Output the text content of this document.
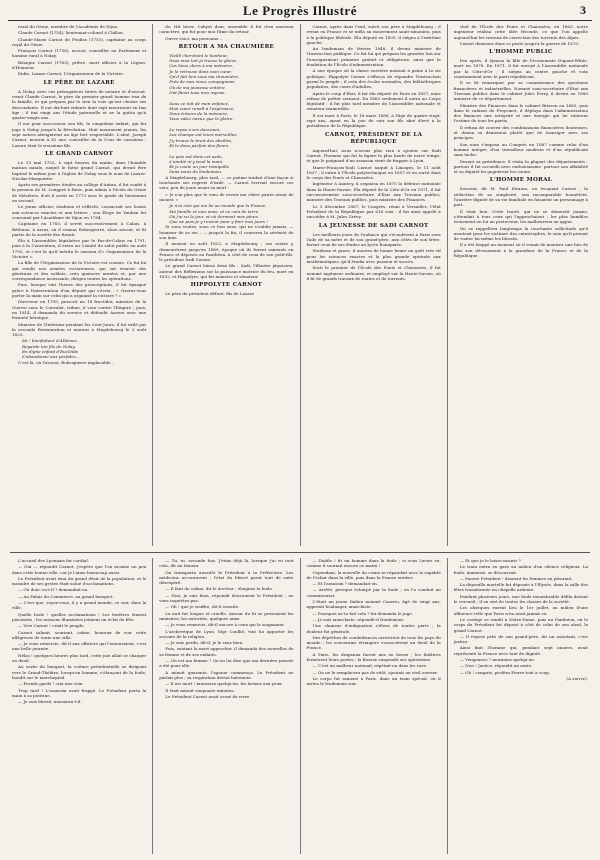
Le Progrès Illustré	3

rural du Génie, membre de l'Académie de Dijon.

Claude Carnot (1754), lieutenant-colonel à Châlon.

Claude-Marie Carnot de Feulins (1755), capitaine au corps royal du Génie.

François Carnot (1758), avocat, conseiller au Parlement et homme rural à Nolay.

Bénigne Carnot (1763), prêtre, mort officier à la Légion-d'Honneur.

Enfin, Lazare Carnot, l'Organisateur de la Victoire.

LE PÈRE DE LAZARE

A Nolay, avec ces prérogatives tirées de notaire et d'avocat, vivait Claude Carnot, le père du premier grand homme issu de la famille, et qui prépara par le sien la voie qu'ont choisie ses descendants. Il eut dix-huit enfants dont sept moururent en bas âge ; il tint vingt ans l'étude paternelle et ne la quitta qu'à quatre-vingts ans.

Il eut pour successeur son fils, le cinquième enfant, qui fut juge à Nolay jusqu'à la Révolution. Huit moururent jeunes, les sept autres atteignirent un âge fort respectable. L'aîné, Joseph Carnot, mourut à 82 ans, conseiller de la Cour de cassation ; Lazare était le troisième fils.

LE GRAND CARNOT

Le 13 mai 1753, à sept heures du matin, dans l'humble maison natale, naquit le futur grand Carnot, qui devait être baptisé le même jour à l'église de Nolay sous le nom de Lazare-Nicolas-Marguerite.

Après ses premières études au collège d'Autun, il fut confié à la pension de M. Longpré à Paris, puis admis à l'école du Génie de Mézières, d'où il sortit en 1773 avec le grade de lieutenant en second.

Le jeune officier, studieux et réfléchi, consacrait ses loisirs aux sciences exactes et aux lettres ; son Éloge de Vauban fut couronné par l'Académie de Dijon en 1784.

Capitaine en 1783, il servit successivement à Calais, à Béthune, à Arras, où il connut Robespierre, alors avocat, et fit partie de la société des Rosati.

Élu à l'Assemblée législative par le Pas-de-Calais en 1791, puis à la Convention, il entra au Comité de salut public en août 1793, et c'est là qu'il mérita le surnom d'« Organisateur de la Victoire ».

La fille de l'Organisateur de la Victoire est connue. Ce fut lui qui rendit nos armées victorieuses, qui sut trouver des généraux et des soldats, créa quatorze armées et, par une correspondance incessante, dirigea toutes les opérations.

Puis, lorsque vint l'heure des proscriptions, il fut épargné grâce à l'intervention d'un député qui s'écria : « Oserez-vous porter la main sur celui qui a organisé la victoire ? »

Directeur en 1795, proscrit au 18 fructidor, ministre de la Guerre sous le Consulat, tribun, il vota contre l'Empire ; puis, en 1814, il demanda du service et défendit Anvers avec une fermeté héroïque.

Ministre de l'Intérieur pendant les Cent-Jours, il fut exilé par la seconde Restauration et mourut à Magdebourg le 2 août 1823.

Ah ! bienfaiteur d'Athènes,

Regarde ton fils de Nolay,

En digne enfant d'Eucléide

S'abandonne aux perfides…

C'est là, où l'avocat, Robespierre implacable…

ils, Hit hiver, Cahyet dom, ensemble il fut d'un nouveau caractère, qui fut pour moi l'âme du retour.

Ouvre voici, ma personne…

RETOUR A MA CHAUMIÈRE

Vieilli cherchant le bonheur,

Sous mon toit je trouve la gloire,

Ces lieux chers à ma mémoire,

Je le retrouve dans mon cœur.

Qu'il fait bon sous ma chaumière,

Près de mes vieux compagnons,

Où de ma jeunesse entière

Ont fleuri tous mes rayons.

Sous ce toit de mon enfance,

Mon cœur renaît à l'espérance,

Doux trésors de la mémoire,

Vous valez mieux que la gloire.

Le repos a ses douceurs,

Les champs ont leurs merveilles,

J'y trouve le bruit des abeilles,

Et le doux parfum des fleurs.

La paix est dans cet asile,

L'amitié m'y tend la main,

Et je coule un jour tranquille

Sans souci du lendemain.

A Magdebourg, plus tard, — ce poème traduit d'une façon si touchante ses regrets d'exilé, — Carnot écrivait encore ces vers, peu de jours avant sa mort :

« Je n'ai plus que le vœu de revoir ma chère patrie avant de mourir. »

Je n'ai rien qui me lie au monde que la France,

Ma famille et mes amis, et ce coin de terre

Où j'ai vu le jour, et où dorment mes pères.

Que ne puis-je y revenir pour y finir mes jours !

Si vous voulez, sous ce bon sens, qui ne s'oublie jamais, — honneur de sa vie ; — jusqu'à la fin, il conserva la sérénité de son âme.

Il mourut en août 1823, à Magdebourg ; ses restes y demeurèrent jusqu'en 1889, époque où ils furent ramenés en France et déposés au Panthéon, à côté de ceux de son petit-fils, le président Sadi Carnot.

Le grand Carnot laissa deux fils : Sadi, l'illustre physicien, auteur des Réflexions sur la puissance motrice du feu, mort en 1832, et Hippolyte, qui fut ministre et sénateur.

HIPPOLYTE CARNOT

Le père du président défunt, fils de Lazare

Carnot, après dans l'exil, suivit son père à Magdebourg ; il revint en France et se mêla au mouvement saint-simonien, puis à la politique libérale. Élu député en 1839, il siégea à l'extrême gauche.

Au lendemain de février 1848, il devint ministre de l'Instruction publique. Ce fut lui qui prépara les grandes lois sur l'enseignement primaire gratuit et obligatoire, ainsi que la fondation de l'École d'administration.

A une époque où la classe ouvrière naissait à peine à la vie politique, Hippolyte Carnot s'efforça de répandre l'instruction parmi le peuple ; il créa des écoles normales, des bibliothèques populaires, des cours d'adultes.

Après le coup d'État, il fut élu député de Paris en 1857, mais refusa de prêter serment. En 1863 seulement il entra au Corps législatif ; il fut plus tard membre de l'Assemblée nationale et sénateur inamovible.

Il est mort à Paris, le 16 mars 1888, à l'âge de quatre-vingt-sept ans, ayant eu la joie de voir son fils aîné élevé à la présidence de la République.

CARNOT, PRÉSIDENT DE LA RÉPUBLIQUE

Aujourd'hui, nous n'avons plus rien à ajouter sur Sadi Carnot, l'homme qui fut la figure la plus haute de notre temps, et que le poignard d'un assassin vient de frapper à Lyon.

Marie-François-Sadi Carnot naquit à Limoges, le 11 août 1837 ; il entra à l'École polytechnique en 1857 et en sortit dans le corps des Ponts et Chaussées.

Ingénieur à Annecy, il organisa en 1870 la défense nationale dans la Haute-Savoie. Élu député de la Côte-d'Or en 1871, il fut successivement sous-secrétaire d'État aux Travaux publics, ministre des Travaux publics, puis ministre des Finances.

Le 3 décembre 1887, le Congrès, réuni à Versailles, l'élut Président de la République par 616 voix ; il fut ainsi appelé à succéder à M. Jules Grévy.

LA JEUNESSE DE SADI CARNOT

Les meilleurs jours de l'enfance qui s'écoulèrent à Paris sous l'aile de sa mère et de son grand-père, aux côtés de son frère, furent ceux de ses études au lycée Bonaparte.

Studieux et grave, il montra de bonne heure un goût très vif pour les sciences exactes et la plus grande aptitude aux mathématiques, qu'il étudia avec passion et succès.

Sorti le premier de l'École des Ponts et Chaussées, il fut nommé ingénieur ordinaire, et employé sur la Haute-Savoie, où il fit de grands travaux de routes et de torrents.

chef de l'École des Ponts et Chaussées, en 1863, notre ingénieur réalisa cette idée féconde, ce que l'on appelle aujourd'hui les travaux de correction des torrents des Alpes.

Carnot demeura dans ce poste jusqu'à la guerre de 1870.

L'HOMME PUBLIC

Peu après, il épousa la fille de l'économiste Dupont-White, mort en 1878. En 1871, il fut envoyé à l'Assemblée nationale par la Côte-d'Or ; il siégea au centre gauche et vota constamment avec le parti républicain.

Il se fit remarquer par sa connaissance des questions financières et industrielles. Nommé sous-secrétaire d'État aux Travaux publics dans le cabinet Jules Ferry, il devint en 1880 ministre de ce département.

Ministre des Finances dans le cabinet Brisson en 1885, puis dans le cabinet de Freycinet, il déploya dans l'administration des finances une intégrité et une énergie qui lui valurent l'estime de tous les partis.

Il refusa de couvrir des combinaisons financières douteuses, et donna sa démission plutôt que de transiger avec ses principes.

Son nom s'imposa au Congrès en 1887 comme celui d'un homme intègre, d'un travailleur modeste et d'un républicain sans tache.

Durant sa présidence, il visita la plupart des départements ; partout il fut accueilli avec enthousiasme, partout son affabilité et sa dignité lui gagnèrent les cœurs.

L'HOMME MORAL

Souvent, dit M. Paul Strauss, on évoquait Carnot ; la séduction de sa simplicité, son incomparable honnêteté, l'austère dignité de sa vie familiale en faisaient un personnage à part.

Il était bon. Cette bonté, qui ne se démentit jamais, s'étendait à tous ceux qui l'approchaient ; les plus humbles trouvaient en lui un protecteur, les malheureux un appui.

On se rappellera longtemps la touchante sollicitude qu'il montrait pour les victimes des catastrophes, le soin qu'il prenait de visiter lui-même les blessés.

Il a été frappé au moment où il venait de montrer une fois de plus son dévouement à la grandeur de la France et de la République.

L'accueil des Lyonnais fut cordial.

— Oui — répondit Carnot, j'espère que l'on m'aime un peu dans cette bonne ville, car je l'aime beaucoup aussi.

Le Président avait ému du grand désir de la population, et le moindre de ses gestes était salué d'acclamations.

— Où donc va-t-il ? demandait-on.

— Au Palais du Commerce, au grand banquet.

— C'est que, voyez-vous, il y a grand monde, ce soir, dans la ville.

Quelle foule ! quelles acclamations ! Les fenêtres étaient pavoisées ; les maisons illuminées jetaient un éclat de fête.

— Vive Carnot ! criait le peuple.

Carnot saluait, souriant, calme, heureux de voir cette allégresse de toute une ville.

— Je vous remercie, dit-il aux officiers qui l'entouraient, c'est une belle journée.

Hélas ! quelques heures plus tard, cette joie allait se changer en deuil.

Au sortir du banquet, la voiture présidentielle se dirigeait vers le Grand-Théâtre, lorsqu'un homme, s'élançant de la foule, bondit sur le marchepied.

— Prends garde ! cria une voix.

Trop tard ! L'assassin avait frappé. Le Président porta la main à sa poitrine.

— Je suis blessé, murmura-t-il.

— Tu, tu, seconde fois. J'étais déjà là, lorsque j'ai vu tout cela, dit un témoin.

On transporta aussitôt le Président à la Préfecture. Les médecins accoururent ; l'état du blessé parut tout de suite désespéré.

— Il faut du calme, dit le docteur ; éloignez la foule.

— Non, je suis bien, répondit doucement le Président ; ne vous inquiétez pas.

— Oh ! que je souffre, dit-il ensuite.

La nuit fut longue et cruelle. Autour du lit se pressaient les ministres, les autorités, quelques amis.

— Je vous remercie, dit-il encore à ceux qui le soignaient.

L'archevêque de Lyon, Mgr Coullié, vint lui apporter les secours de la religion.

— Je suis perdu, dit-il, je le sens bien.

Puis, sentant la mort approcher, il demanda des nouvelles de sa femme et de ses enfants.

— Où est ma femme ? Qu'on lui dise que ma dernière pensée a été pour elle.

A minuit quarante, l'agonie commença. Le Président ne parlait plus ; sa respiration devint haletante.

— Il est mort ! murmura quelqu'un, les larmes aux yeux.

Il était minuit cinquante minutes.

Le Président Carnot avait cessé de vivre.

— Diable ! fit un homme dans la foule ; si vous l'aviez vu, comme il souriait encore ce matin !

Cependant, la nouvelle du crime se répandait avec la rapidité de l'éclair dans la ville, puis dans la France entière.

— Et l'assassin ? demandait-on.

— Arrêté, presque écharpé par la foule ; on l'a conduit au commissariat.

C'était un jeune Italien nommé Caserio, âgé de vingt ans, apprenti boulanger, anarchiste.

— Pourquoi as-tu fait cela ? lui demanda le juge.

— Je suis anarchiste, répondit-il froidement.

Une clameur d'indignation s'éleva de toutes parts ; la douleur fut générale.

Des dépêches de condoléances arrivèrent de tous les pays du monde ; les souverains étrangers s'associèrent au deuil de la France.

A Paris, les drapeaux furent mis en berne ; les théâtres fermèrent leurs portes ; la Bourse suspendit ses opérations.

— C'est un malheur national, répétait-on dans les rues.

— On ne le remplacera pas de sitôt, ajoutait un vieil ouvrier.

Le corps fut ramené à Paris, dans un train spécial, où il arriva le lendemain soir.

— Et que je le laisse mourir ?

Le train entra en gare au milieu d'un silence religieux. La foule, immense, se découvrait.

— Pauvre Président ! disaient les femmes en pleurant.

La dépouille mortelle fut déposée à l'Élysée, dans la salle des fêtes transformée en chapelle ardente.

Pendant plusieurs jours, une foule innombrable défila devant le cercueil ; il en vint de toutes les classes de la société.

Les obsèques eurent lieu le 1er juillet, au milieu d'une affluence telle que Paris n'en avait jamais vu.

Le cortège se rendit à Notre-Dame, puis au Panthéon, où le corps du Président fut déposé à côté de celui de son aïeul, le grand Carnot.

— Il repose près de son grand-père, dit un assistant, c'est justice.

Ainsi finit l'homme qui, pendant sept années, avait représenté la France avec tant de dignité.

— Vengeance ? murmura quelqu'un.

— Non ! Justice, répondit un autre.

— Oh ! compris, proféra Pierre tout à coup.

(A suivre).
